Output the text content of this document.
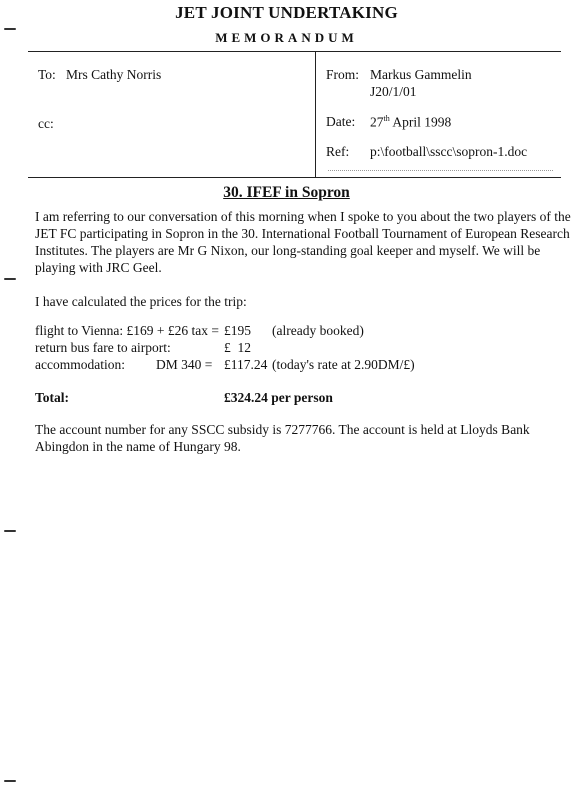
JET JOINT UNDERTAKING
MEMORANDUM
To: Mrs Cathy Norris
cc:
From: Markus Gammelin
J20/1/01
Date: 27th April 1998
Ref: p:\football\sscc\sopron-1.doc
30. IFEF in Sopron
I am referring to our conversation of this morning when I spoke to you about the two players of the
JET FC participating in Sopron in the 30. International Football Tournament of European Research
Institutes. The players are Mr G Nixon, our long-standing goal keeper and myself. We will be
playing with JRC Geel.
I have calculated the prices for the trip:
flight to Vienna: £169 + £26 tax = £195 (already booked)
return bus fare to airport:	£  12
accommodation: DM 340 = £117.24 (today's rate at 2.90DM/£)
Total:	£324.24 per person
The account number for any SSCC subsidy is 7277766. The account is held at Lloyds Bank
Abingdon in the name of Hungary 98.
